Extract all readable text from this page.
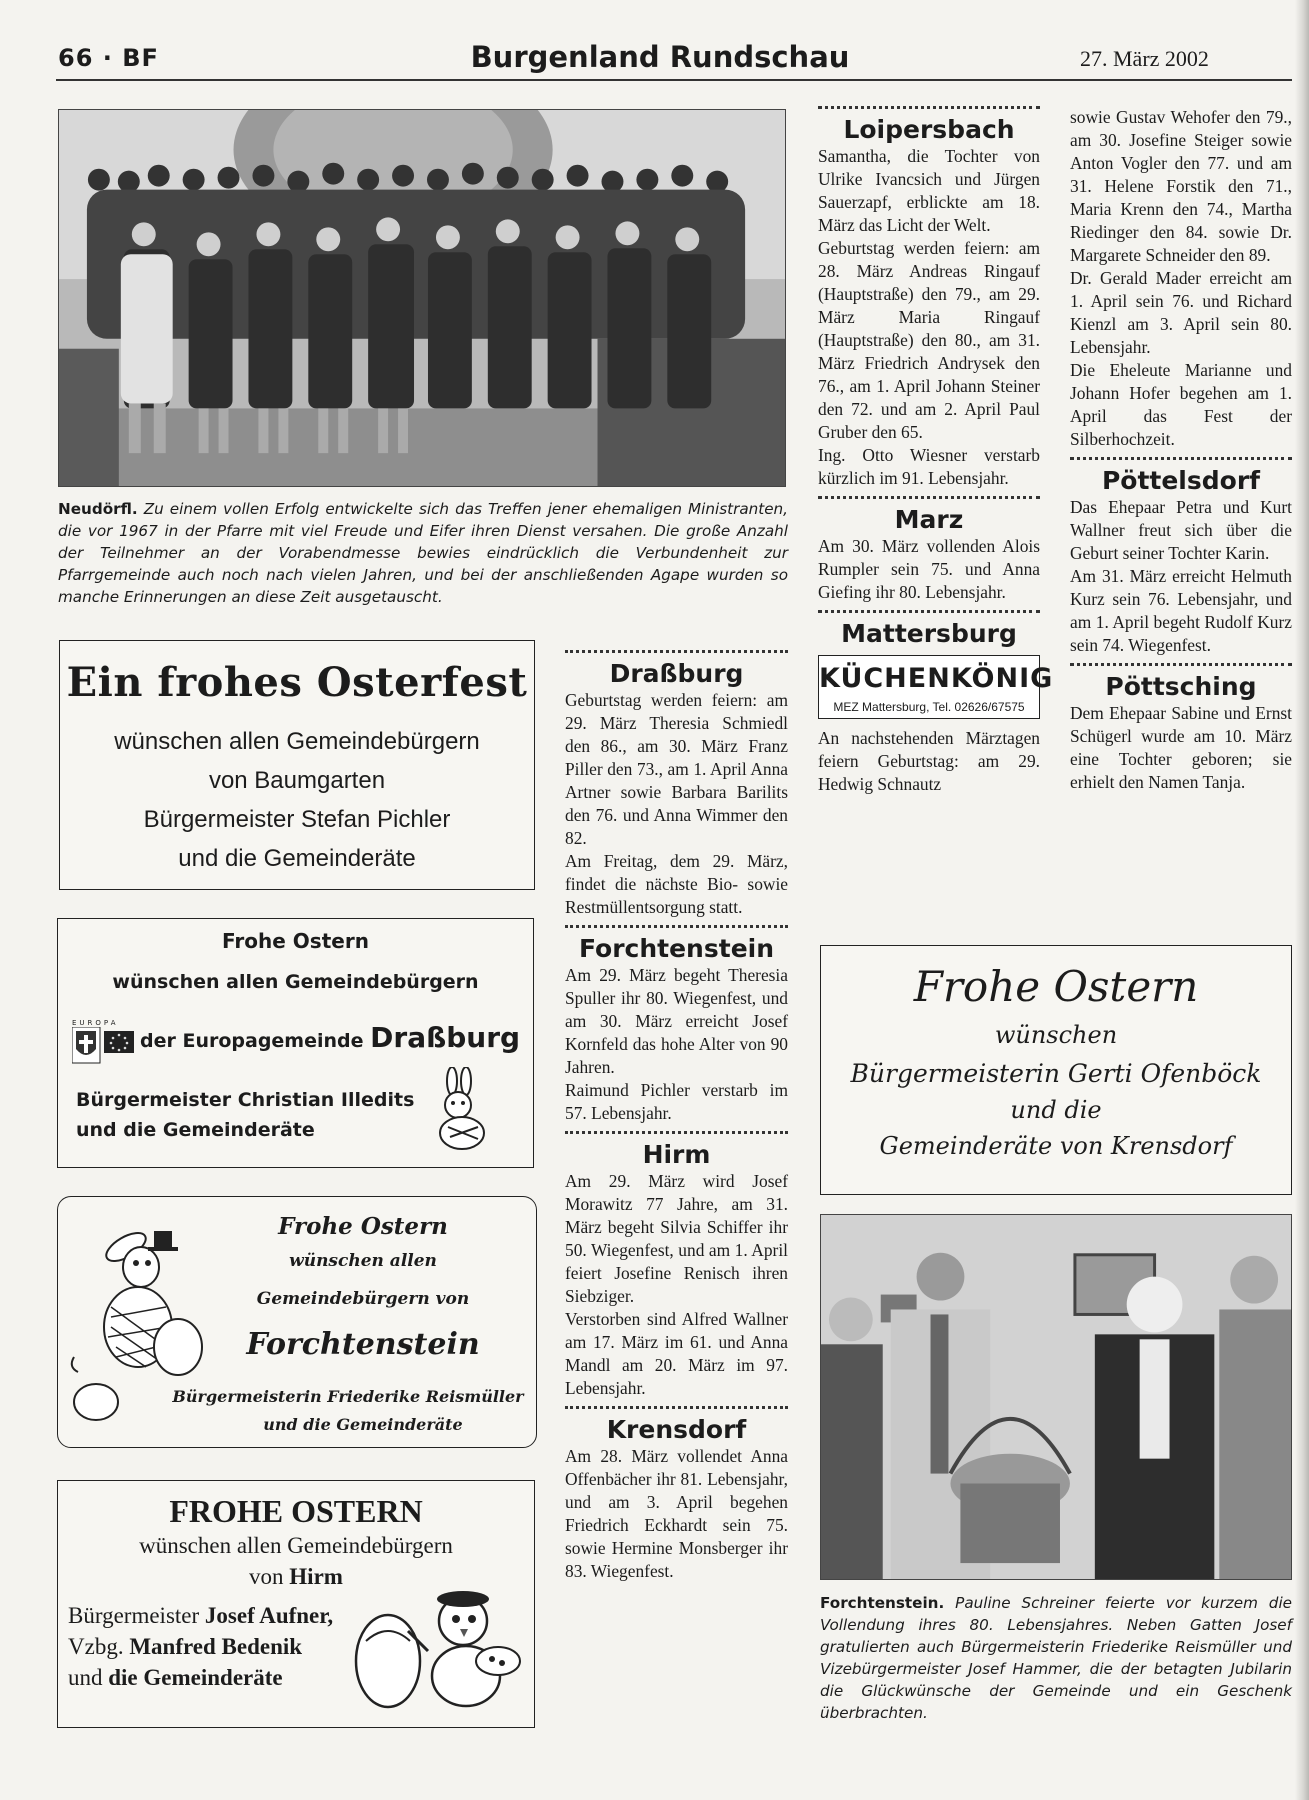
66 · BF	Burgenland Rundschau	27. März 2002
Neudörfl. Zu einem vollen Erfolg entwickelte sich das Treffen jener ehemaligen Ministranten, die vor 1967 in der Pfarre mit viel Freude und Eifer ihren Dienst versahen. Die große Anzahl der Teilnehmer an der Vorabendmesse bewies eindrücklich die Verbundenheit zur Pfarrgemeinde auch noch nach vielen Jahren, und bei der anschließenden Agape wurden so manche Erinnerungen an diese Zeit ausgetauscht.
Ein frohes Osterfest
wünschen allen Gemeindebürgern
von Baumgarten
Bürgermeister Stefan Pichler
und die Gemeinderäte
Frohe Ostern
wünschen allen Gemeindebürgern
EUROPA
der Europagemeinde Draßburg
Bürgermeister Christian Illedits
und die Gemeinderäte
Frohe Ostern
wünschen allen
Gemeindebürgern von
Forchtenstein
Bürgermeisterin Friederike Reismüller
und die Gemeinderäte
FROHE OSTERN
wünschen allen Gemeindebürgern
von Hirm
Bürgermeister Josef Aufner,
Vzbg. Manfred Bedenik
und die Gemeinderäte
Draßburg

Geburtstag werden feiern: am 29. März Theresia Schmiedl den 86., am 30. März Franz Piller den 73., am 1. April Anna Artner sowie Barbara Barilits den 76. und Anna Wimmer den 82.

Am Freitag, dem 29. März, findet die nächste Bio- sowie Restmüllentsorgung statt.

Forchtenstein

Am 29. März begeht Theresia Spuller ihr 80. Wiegenfest, und am 30. März erreicht Josef Kornfeld das hohe Alter von 90 Jahren.

Raimund Pichler verstarb im 57. Lebensjahr.

Hirm

Am 29. März wird Josef Morawitz 77 Jahre, am 31. März begeht Silvia Schiffer ihr 50. Wiegenfest, und am 1. April feiert Josefine Renisch ihren Siebziger.

Verstorben sind Alfred Wallner am 17. März im 61. und Anna Mandl am 20. März im 97. Lebensjahr.

Krensdorf

Am 28. März vollendet Anna Offenbächer ihr 81. Lebensjahr, und am 3. April begehen Friedrich Eckhardt sein 75. sowie Hermine Monsberger ihr 83. Wiegenfest.

Loipersbach

Samantha, die Tochter von Ulrike Ivancsich und Jürgen Sauerzapf, erblickte am 18. März das Licht der Welt.

Geburtstag werden feiern: am 28. März Andreas Ringauf (Hauptstraße) den 79., am 29. März Maria Ringauf (Hauptstraße) den 80., am 31. März Friedrich Andrysek den 76., am 1. April Johann Steiner den 72. und am 2. April Paul Gruber den 65.

Ing. Otto Wiesner verstarb kürzlich im 91. Lebensjahr.

Marz

Am 30. März vollenden Alois Rumpler sein 75. und Anna Giefing ihr 80. Lebensjahr.

Mattersburg
KÜCHENKÖNIG
MEZ Mattersburg, Tel. 02626/67575

An nachstehenden Märztagen feiern Geburtstag: am 29. Hedwig Schnautz

sowie Gustav Wehofer den 79., am 30. Josefine Steiger sowie Anton Vogler den 77. und am 31. Helene Forstik den 71., Maria Krenn den 74., Martha Riedinger den 84. sowie Dr. Margarete Schneider den 89.

Dr. Gerald Mader erreicht am 1. April sein 76. und Richard Kienzl am 3. April sein 80. Lebensjahr.

Die Eheleute Marianne und Johann Hofer begehen am 1. April das Fest der Silberhochzeit.

Pöttelsdorf

Das Ehepaar Petra und Kurt Wallner freut sich über die Geburt seiner Tochter Karin.

Am 31. März erreicht Helmuth Kurz sein 76. Lebensjahr, und am 1. April begeht Rudolf Kurz sein 74. Wiegenfest.

Pöttsching

Dem Ehepaar Sabine und Ernst Schügerl wurde am 10. März eine Tochter geboren; sie erhielt den Namen Tanja.

Frohe Ostern
wünschen
Bürgermeisterin Gerti Ofenböck
und die
Gemeinderäte von Krensdorf
Forchtenstein. Pauline Schreiner feierte vor kurzem die Vollendung ihres 80. Lebensjahres. Neben Gatten Josef gratulierten auch Bürgermeisterin Friederike Reismüller und Vizebürgermeister Josef Hammer, die der betagten Jubilarin die Glückwünsche der Gemeinde und ein Geschenk überbrachten.
